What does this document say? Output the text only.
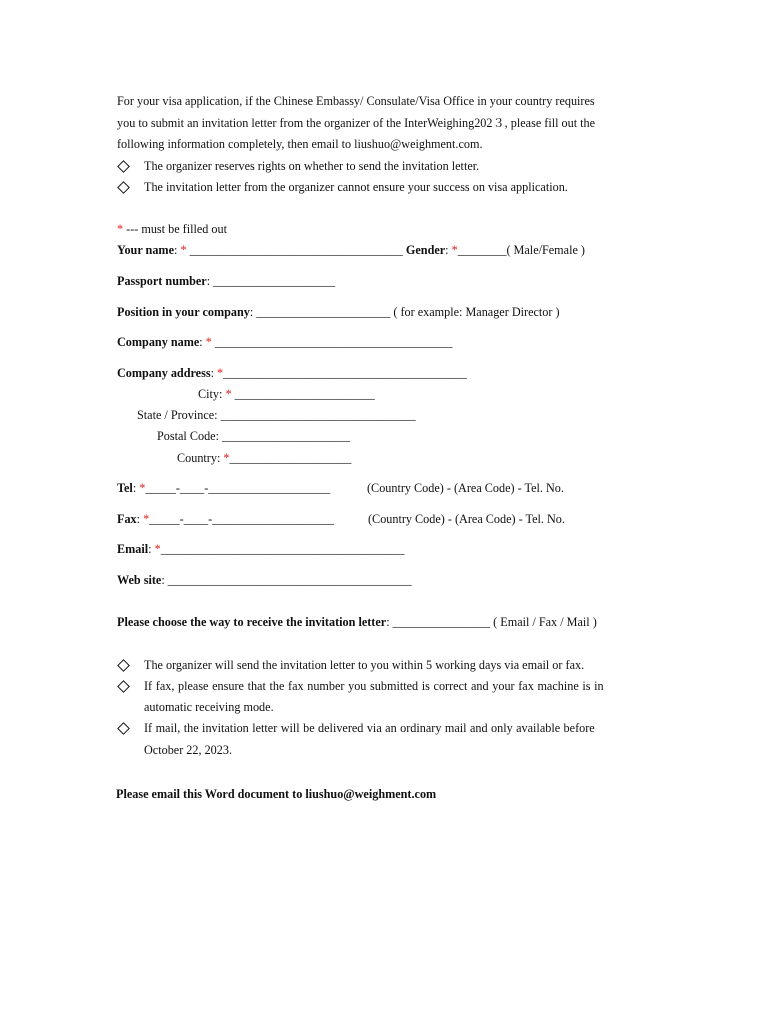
For your visa application, if the Chinese Embassy/ Consulate/Visa Office in your country requires
you to submit an invitation letter from the organizer of the InterWeighing202３, please fill out the
following information completely, then email to liushuo@weighment.com.
The organizer reserves rights on whether to send the invitation letter.
The invitation letter from the organizer cannot ensure your success on visa application.
* --- must be filled out
Your name: * ___________________________________ Gender: *________( Male/Female )
Passport number: ____________________
Position in your company: ______________________ ( for example: Manager Director )
Company name: * _______________________________________
Company address: *________________________________________
City: * _______________________
State / Province: ________________________________
Postal Code: _____________________
Country: *____________________
Tel: *_____-____-____________________	(Country Code) - (Area Code) - Tel. No.
Fax: *_____-____-____________________	(Country Code) - (Area Code) - Tel. No.
Email: *________________________________________
Web site: ________________________________________
Please choose the way to receive the invitation letter: ________________ ( Email / Fax / Mail )
The organizer will send the invitation letter to you within 5 working days via email or fax.
If fax, please ensure that the fax number you submitted is correct and your fax machine is in
automatic receiving mode.
If mail, the invitation letter will be delivered via an ordinary mail and only available before
October 22, 2023.
Please email this Word document to liushuo@weighment.com
